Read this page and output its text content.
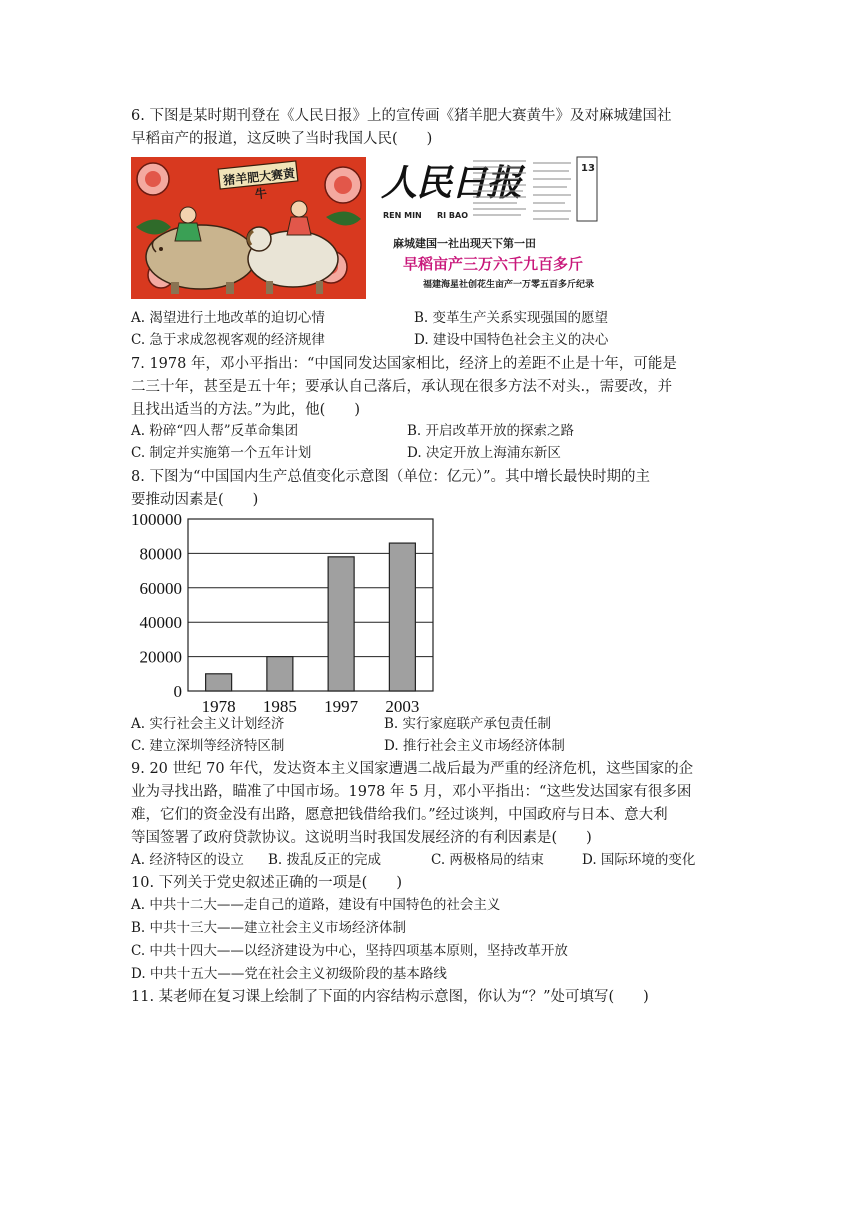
6. 下图是某时期刊登在《人民日报》上的宣传画《猪羊肥大赛黄牛》及对麻城建国社
早稻亩产的报道，这反映了当时我国人民(　　)
猪羊肥大赛黄牛	人民日报
REN MIN RI BAO
13
麻城建国一社出现天下第一田
早稻亩产三万六千九百多斤
福建海星社创花生亩产一万零五百多斤纪录
A. 渴望进行土地改革的迫切心情	B. 变革生产关系实现强国的愿望
C. 急于求成忽视客观的经济规律	D. 建设中国特色社会主义的决心
7. 1978 年，邓小平指出：“中国同发达国家相比，经济上的差距不止是十年，可能是
二三十年，甚至是五十年；要承认自己落后，承认现在很多方法不对头.，需要改，并
且找出适当的方法。”为此，他(　　)
A. 粉碎“四人帮”反革命集团	B. 开启改革开放的探索之路
C. 制定并实施第一个五年计划	D. 决定开放上海浦东新区
8. 下图为“中国国内生产总值变化示意图（单位：亿元）”。其中增长最快时期的主
要推动因素是(　　)
0
20000
40000
60000
80000
100000
1978 1985 1997 2003
A. 实行社会主义计划经济	B. 实行家庭联产承包责任制
C. 建立深圳等经济特区制	D. 推行社会主义市场经济体制
9. 20 世纪 70 年代，发达资本主义国家遭遇二战后最为严重的经济危机，这些国家的企
业为寻找出路，瞄准了中国市场。1978 年 5 月，邓小平指出：“这些发达国家有很多困
难，它们的资金没有出路，愿意把钱借给我们。”经过谈判，中国政府与日本、意大利
等国签署了政府贷款协议。这说明当时我国发展经济的有利因素是(　　)
A. 经济特区的设立 B. 拨乱反正的完成	C. 两极格局的结束	D. 国际环境的变化
10. 下列关于党史叙述正确的一项是(　　)
A. 中共十二大——走自己的道路，建设有中国特色的社会主义
B. 中共十三大——建立社会主义市场经济体制
C. 中共十四大——以经济建设为中心，坚持四项基本原则，坚持改革开放
D. 中共十五大——党在社会主义初级阶段的基本路线
11. 某老师在复习课上绘制了下面的内容结构示意图，你认为“？”处可填写(　　)
